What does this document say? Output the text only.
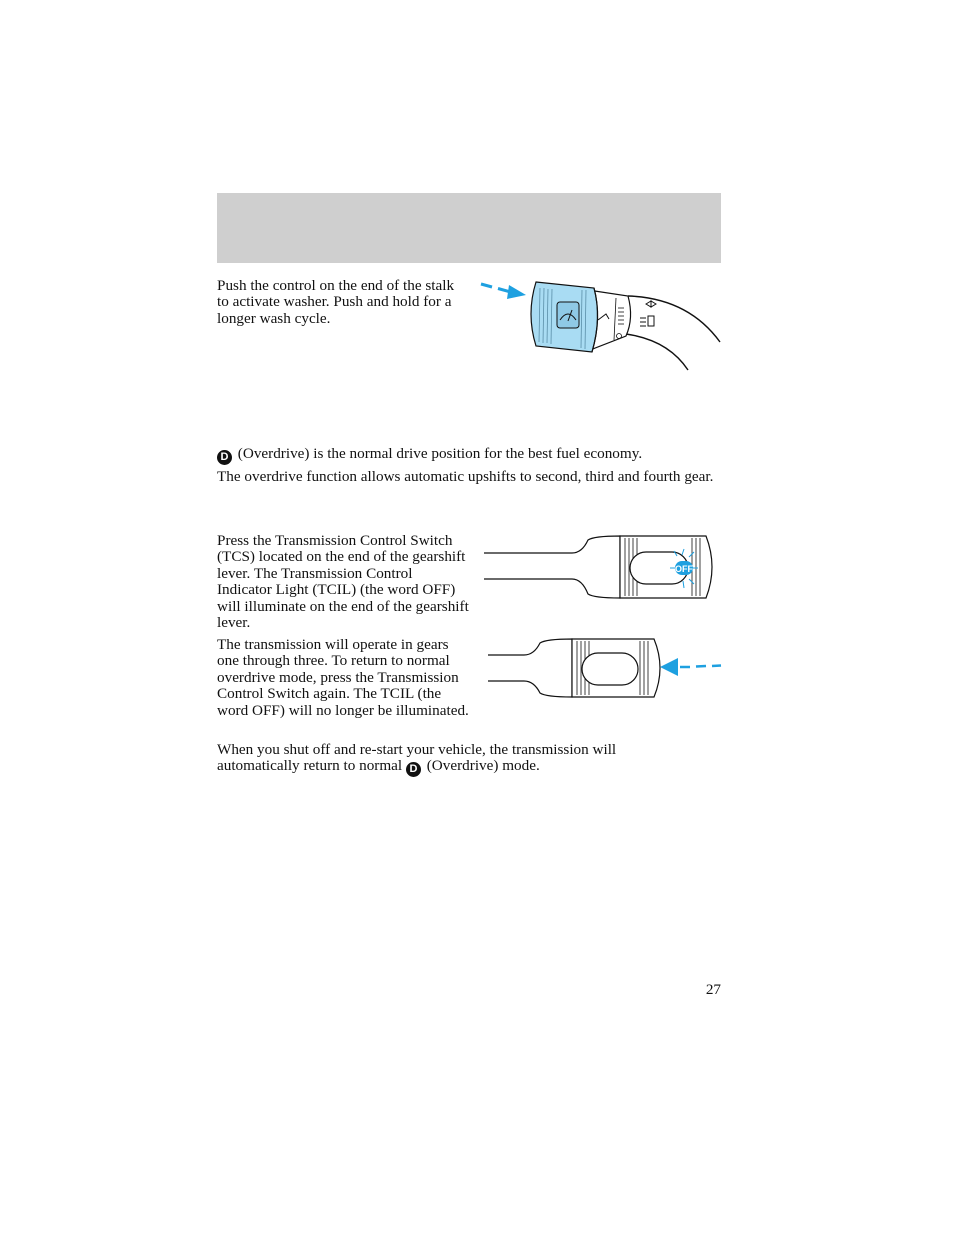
Push the control on the end of the stalk to activate washer. Push and hold for a longer wash cycle.

D (Overdrive) is the normal drive position for the best fuel economy.

The overdrive function allows automatic upshifts to second, third and fourth gear.

Press the Transmission Control Switch (TCS) located on the end of the gearshift lever. The Transmission Control Indicator Light (TCIL) (the word OFF) will illuminate on the end of the gearshift lever.

OFF

The transmission will operate in gears one through three. To return to normal overdrive mode, press the Transmission Control Switch again. The TCIL (the word OFF) will no longer be illuminated.

When you shut off and re-start your vehicle, the transmission will automatically return to normal D (Overdrive) mode.

27
